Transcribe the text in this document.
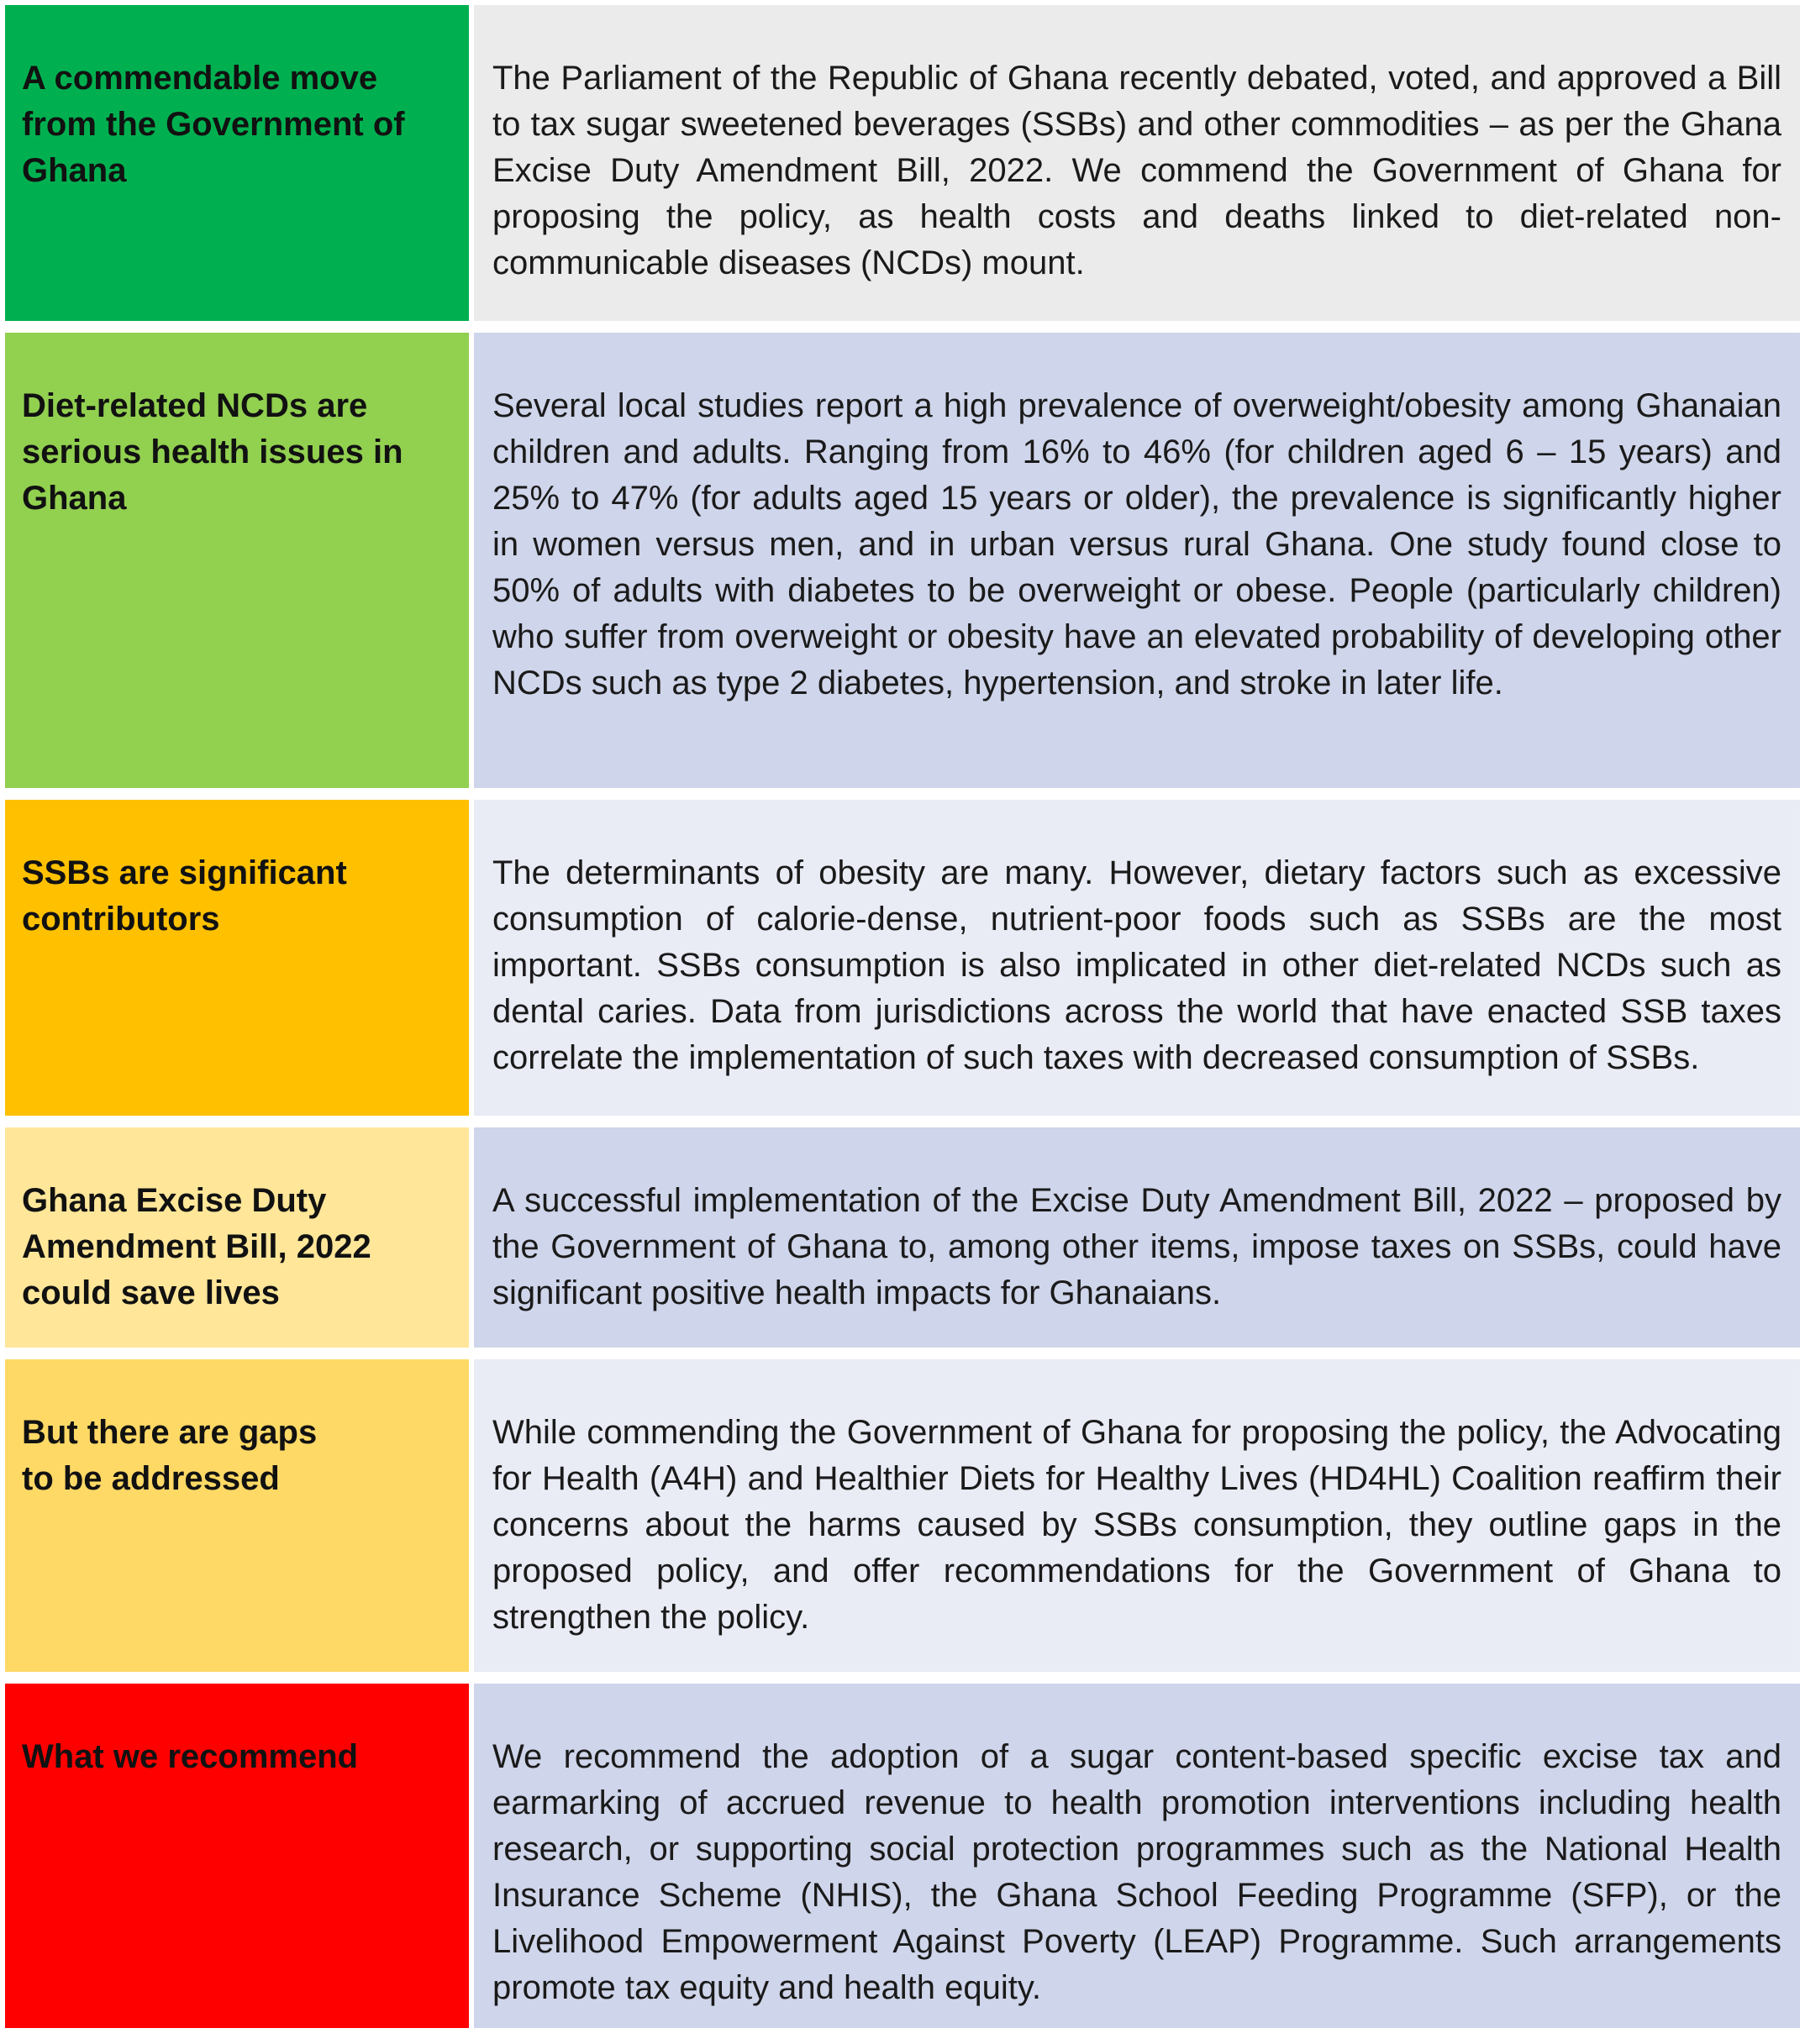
A commendable move from the Government of Ghana
The Parliament of the Republic of Ghana recently debated, voted, and approved a Bill to tax sugar sweetened beverages (SSBs) and other commodities – as per the Ghana Excise Duty Amendment Bill, 2022. We commend the Government of Ghana for proposing the policy, as health costs and deaths linked to diet-related non-communicable diseases (NCDs) mount.
Diet-related NCDs are serious health issues in Ghana
Several local studies report a high prevalence of overweight/obesity among Ghanaian children and adults. Ranging from 16% to 46% (for children aged 6 – 15 years) and 25% to 47% (for adults aged 15 years or older), the prevalence is significantly higher in women versus men, and in urban versus rural Ghana. One study found close to 50% of adults with diabetes to be overweight or obese. People (particularly children) who suffer from overweight or obesity have an elevated probability of developing other NCDs such as type 2 diabetes, hypertension, and stroke in later life.
SSBs are significant contributors
The determinants of obesity are many. However, dietary factors such as excessive consumption of calorie-dense, nutrient-poor foods such as SSBs are the most important. SSBs consumption is also implicated in other diet-related NCDs such as dental caries. Data from jurisdictions across the world that have enacted SSB taxes correlate the implementation of such taxes with decreased consumption of SSBs.
Ghana Excise Duty Amendment Bill, 2022 could save lives
A successful implementation of the Excise Duty Amendment Bill, 2022 – proposed by the Government of Ghana to, among other items, impose taxes on SSBs, could have significant positive health impacts for Ghanaians.
But there are gaps to be addressed
While commending the Government of Ghana for proposing the policy, the Advocating for Health (A4H) and Healthier Diets for Healthy Lives (HD4HL) Coalition reaffirm their concerns about the harms caused by SSBs consumption, they outline gaps in the proposed policy, and offer recommendations for the Government of Ghana to strengthen the policy.
What we recommend	We recommend the adoption of a sugar content-based specific excise tax and earmarking of accrued revenue to health promotion interventions including health research, or supporting social protection programmes such as the National Health Insurance Scheme (NHIS), the Ghana School Feeding Programme (SFP), or the Livelihood Empowerment Against Poverty (LEAP) Programme. Such arrangements promote tax equity and health equity.
